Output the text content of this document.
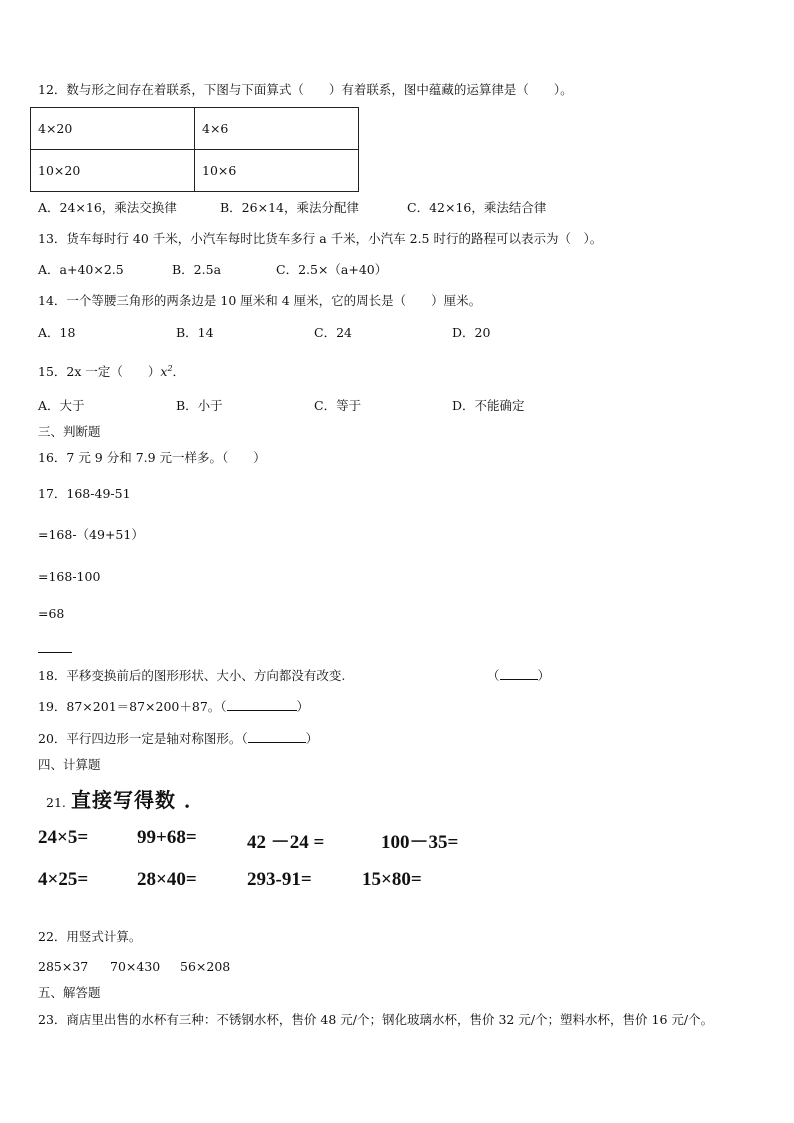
12．数与形之间存在着联系，下图与下面算式（　　）有着联系，图中蕴藏的运算律是（　　）。
4×20	4×6
10×20	10×6
A．24×16，乘法交换律	B．26×14，乘法分配律	C．42×16，乘法结合律
13．货车每时行 40 千米，小汽车每时比货车多行 a 千米，小汽车 2.5 时行的路程可以表示为（　）。
A．a+40×2.5	B．2.5a	C．2.5×（a+40）
14．一个等腰三角形的两条边是 10 厘米和 4 厘米，它的周长是（　　）厘米。
A．18	B．14	C．24	D．20
15．2x 一定（　　）$x^2$．
A．大于	B．小于	C．等于	D．不能确定
三、判断题
16．7 元 9 分和 7.9 元一样多。（　　）
17．168-49-51
=168-（49+51）
=168-100
=68
18．平移变换前后的图形形状、大小、方向都没有改变.	（	）
19．87×201＝87×200＋87。（	）
20．平行四边形一定是轴对称图形。（	）
四、计算题
21. 直接写得数 ．
24×5=	99+68=	42 －24 =	100－35=
4×25=	28×40=	293-91=	15×80=
22．用竖式计算。
285×37 70×430 56×208
五、解答题
23．商店里出售的水杯有三种：不锈钢水杯，售价 48 元/个；钢化玻璃水杯，售价 32 元/个；塑料水杯，售价 16 元/个。
